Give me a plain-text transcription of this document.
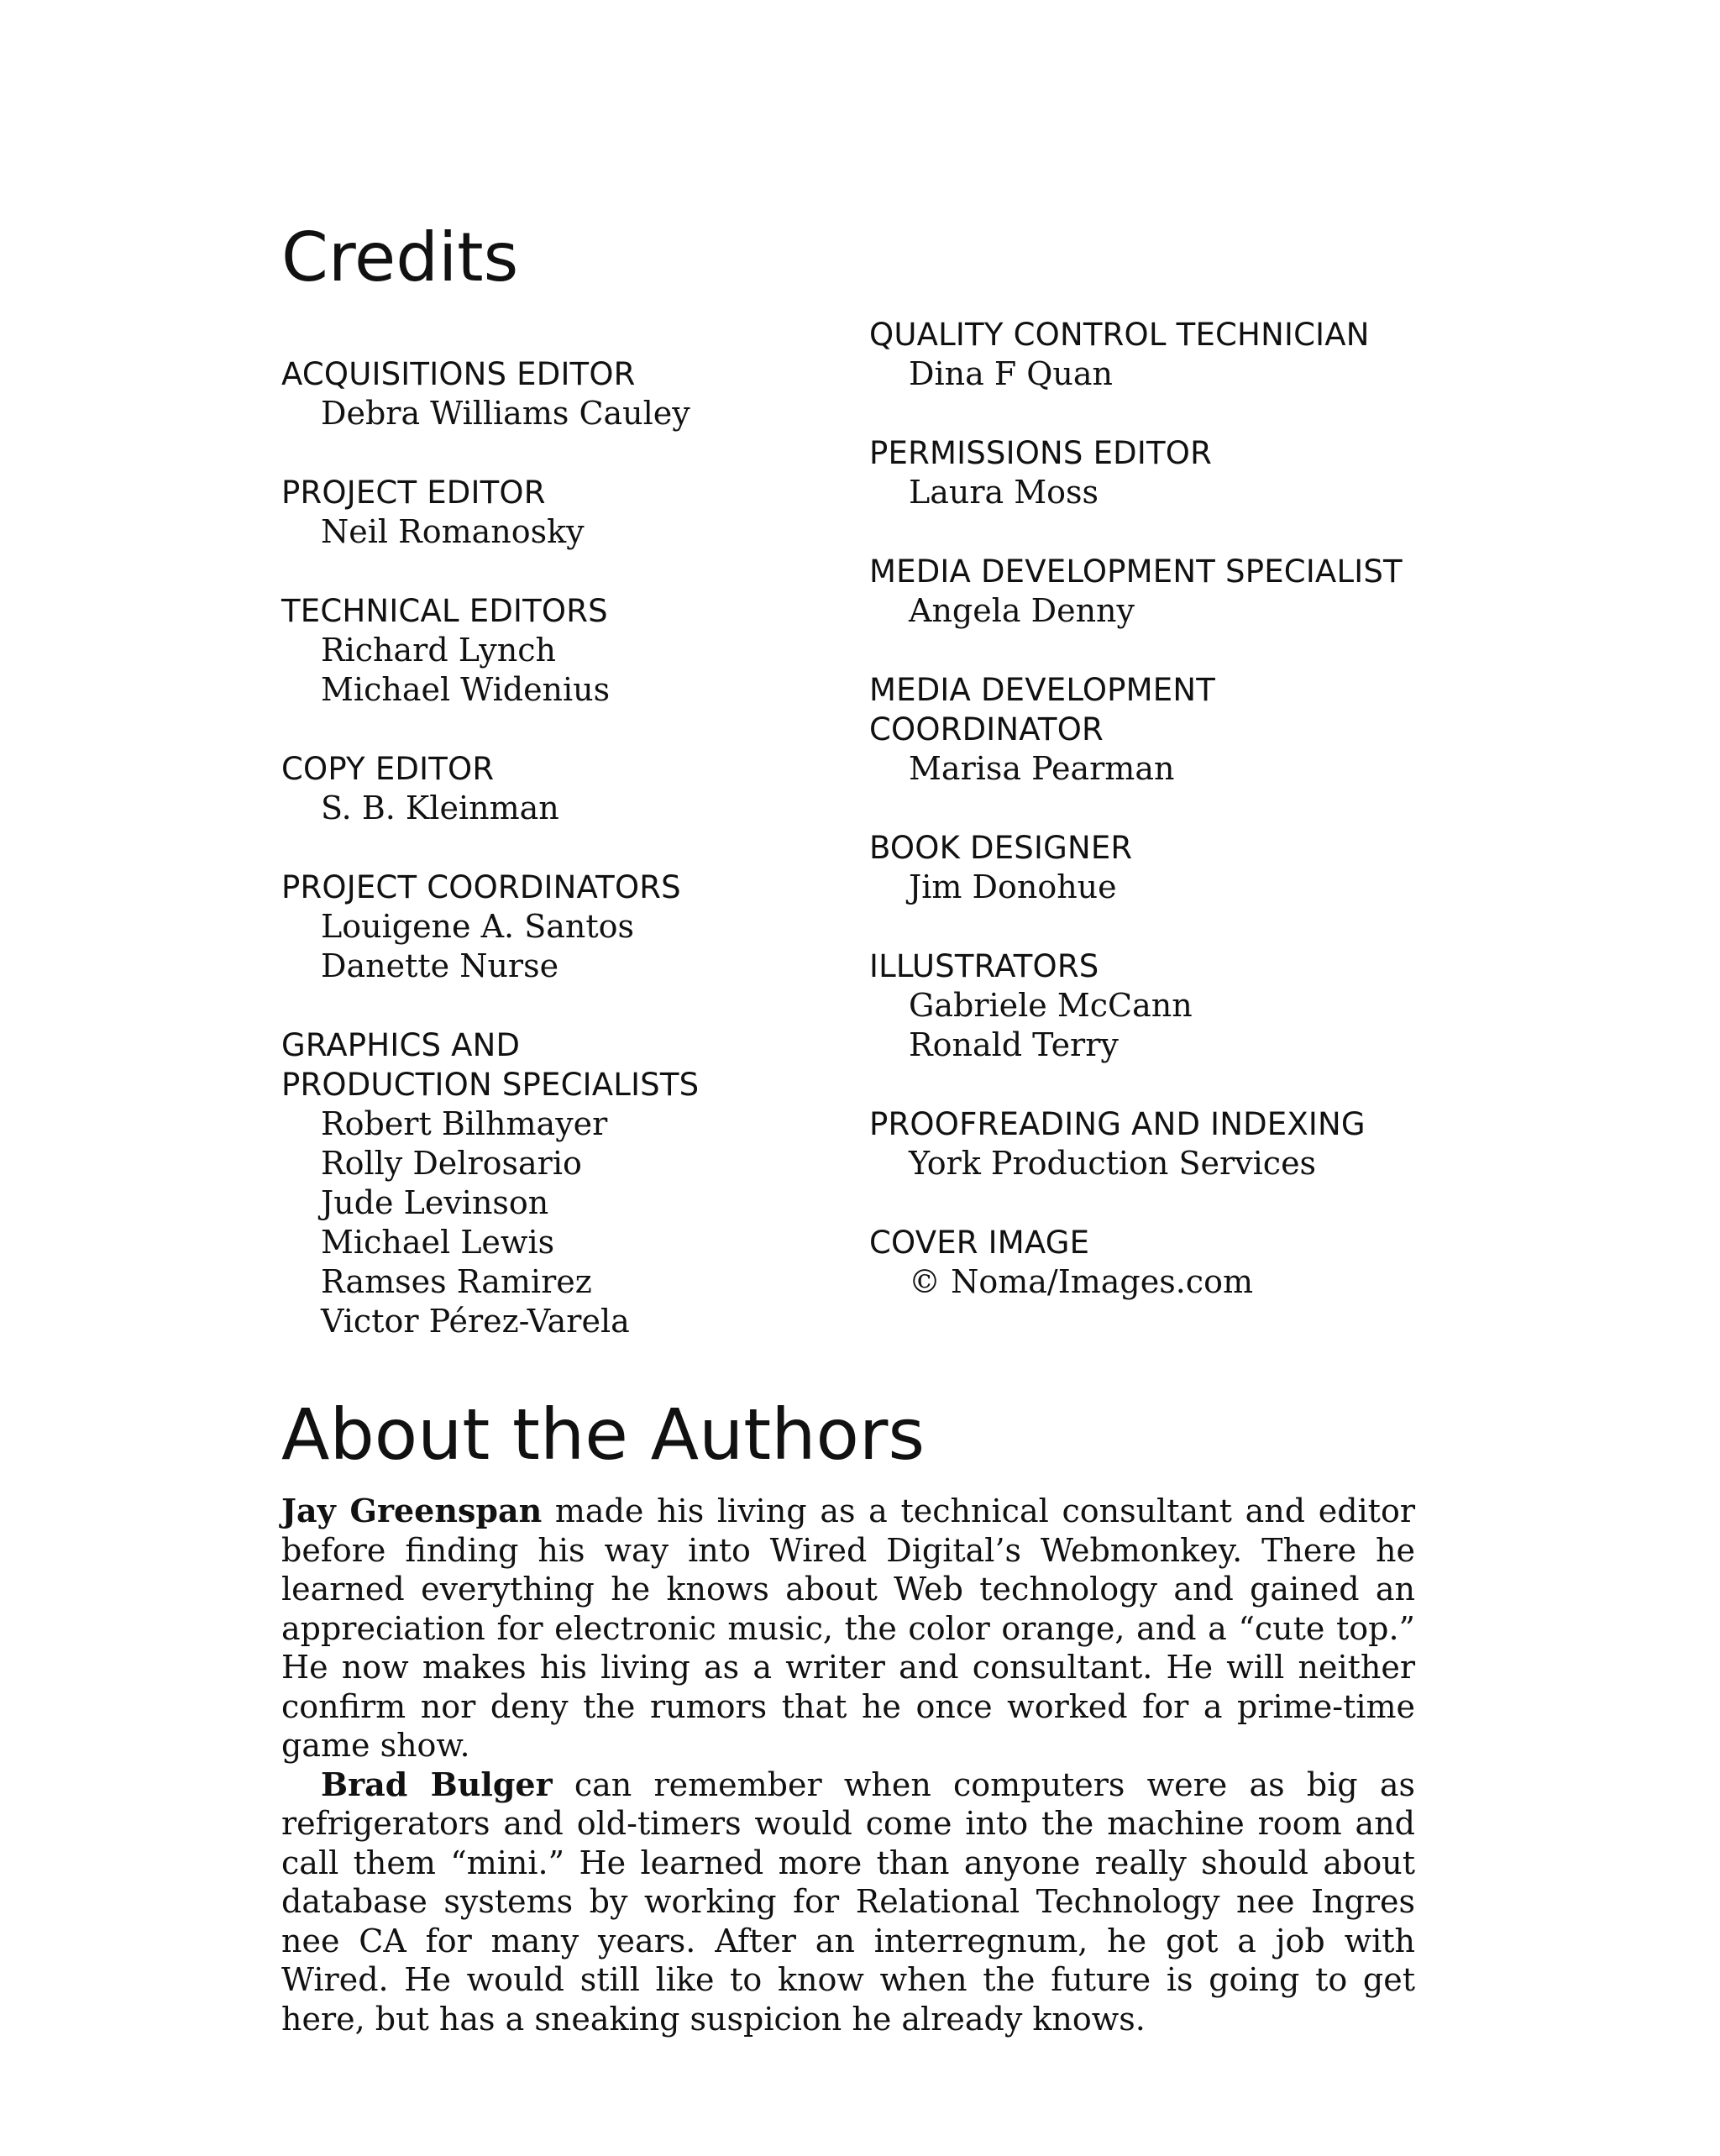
Credits
ACQUISITIONS EDITOR
Debra Williams Cauley
PROJECT EDITOR
Neil Romanosky
TECHNICAL EDITORS
Richard Lynch
Michael Widenius
COPY EDITOR
S. B. Kleinman
PROJECT COORDINATORS
Louigene A. Santos
Danette Nurse
GRAPHICS AND PRODUCTION SPECIALISTS
Robert Bilhmayer
Rolly Delrosario
Jude Levinson
Michael Lewis
Ramses Ramirez
Victor Pérez-Varela
QUALITY CONTROL TECHNICIAN
Dina F Quan
PERMISSIONS EDITOR
Laura Moss
MEDIA DEVELOPMENT SPECIALIST
Angela Denny
MEDIA DEVELOPMENT COORDINATOR
Marisa Pearman
BOOK DESIGNER
Jim Donohue
ILLUSTRATORS
Gabriele McCann
Ronald Terry
PROOFREADING AND INDEXING
York Production Services
COVER IMAGE
© Noma/Images.com
About the Authors

Jay Greenspan made his living as a technical consultant and editor before finding his way into Wired Digital’s Webmonkey. There he learned everything he knows about Web technology and gained an appreciation for electronic music, the color orange, and a “cute top.” He now makes his living as a writer and consultant. He will neither confirm nor deny the rumors that he once worked for a prime-time game show.

Brad Bulger can remember when computers were as big as refrigerators and old-timers would come into the machine room and call them “mini.” He learned more than anyone really should about database systems by working for Relational Technology nee Ingres nee CA for many years. After an interregnum, he got a job with Wired. He would still like to know when the future is going to get here, but has a sneaking suspicion he already knows.
